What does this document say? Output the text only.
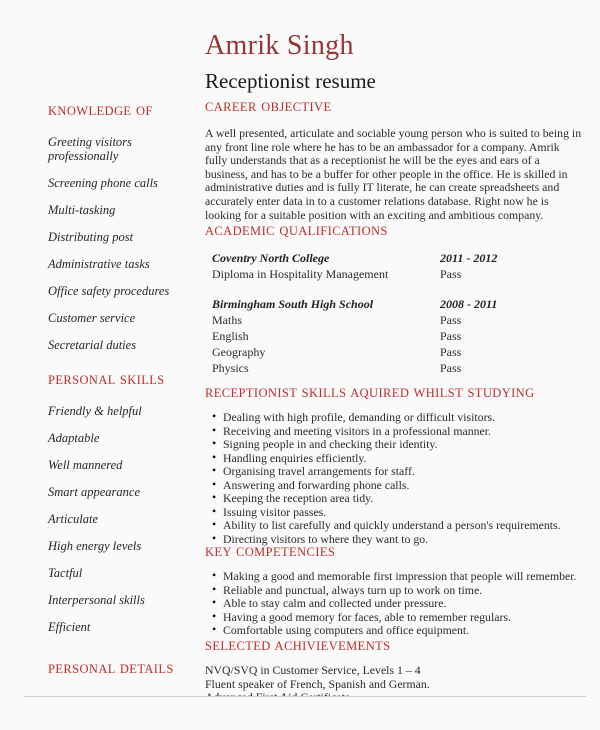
Amrik Singh
Receptionist resume
KNOWLEDGE OF
Greeting visitors professionally
Screening phone calls
Multi-tasking
Distributing post
Administrative tasks
Office safety procedures
Customer service
Secretarial duties
PERSONAL SKILLS
Friendly & helpful
Adaptable
Well mannered
Smart appearance
Articulate
High energy levels
Tactful
Interpersonal skills
Efficient
PERSONAL DETAILS
CAREER OBJECTIVE
A well presented, articulate and sociable young person who is suited to being in any front line role where he has to be an ambassador for a company. Amrik fully understands that as a receptionist he will be the eyes and ears of a business, and has to be a buffer for other people in the office. He is skilled in administrative duties and is fully IT literate, he can create spreadsheets and accurately enter data in to a customer relations database. Right now he is looking for a suitable position with an exciting and ambitious company.
ACADEMIC QUALIFICATIONS
Coventry North College	2011 - 2012
Diploma in Hospitality Management	Pass
Birmingham South High School	2008 - 2011
Maths	Pass
English	Pass
Geography	Pass
Physics	Pass
RECEPTIONIST SKILLS AQUIRED WHILST STUDYING
• Dealing with high profile, demanding or difficult visitors.
• Receiving and meeting visitors in a professional manner.
• Signing people in and checking their identity.
• Handling enquiries efficiently.
• Organising travel arrangements for staff.
• Answering and forwarding phone calls.
• Keeping the reception area tidy.
• Issuing visitor passes.
• Ability to list carefully and quickly understand a person's requirements.
• Directing visitors to where they want to go.
KEY COMPETENCIES
• Making a good and memorable first impression that people will remember.
• Reliable and punctual, always turn up to work on time.
• Able to stay calm and collected under pressure.
• Having a good memory for faces, able to remember regulars.
• Comfortable using computers and office equipment.
SELECTED ACHIVIEVEMENTS
NVQ/SVQ in Customer Service, Levels 1 – 4
Fluent speaker of French, Spanish and German.
